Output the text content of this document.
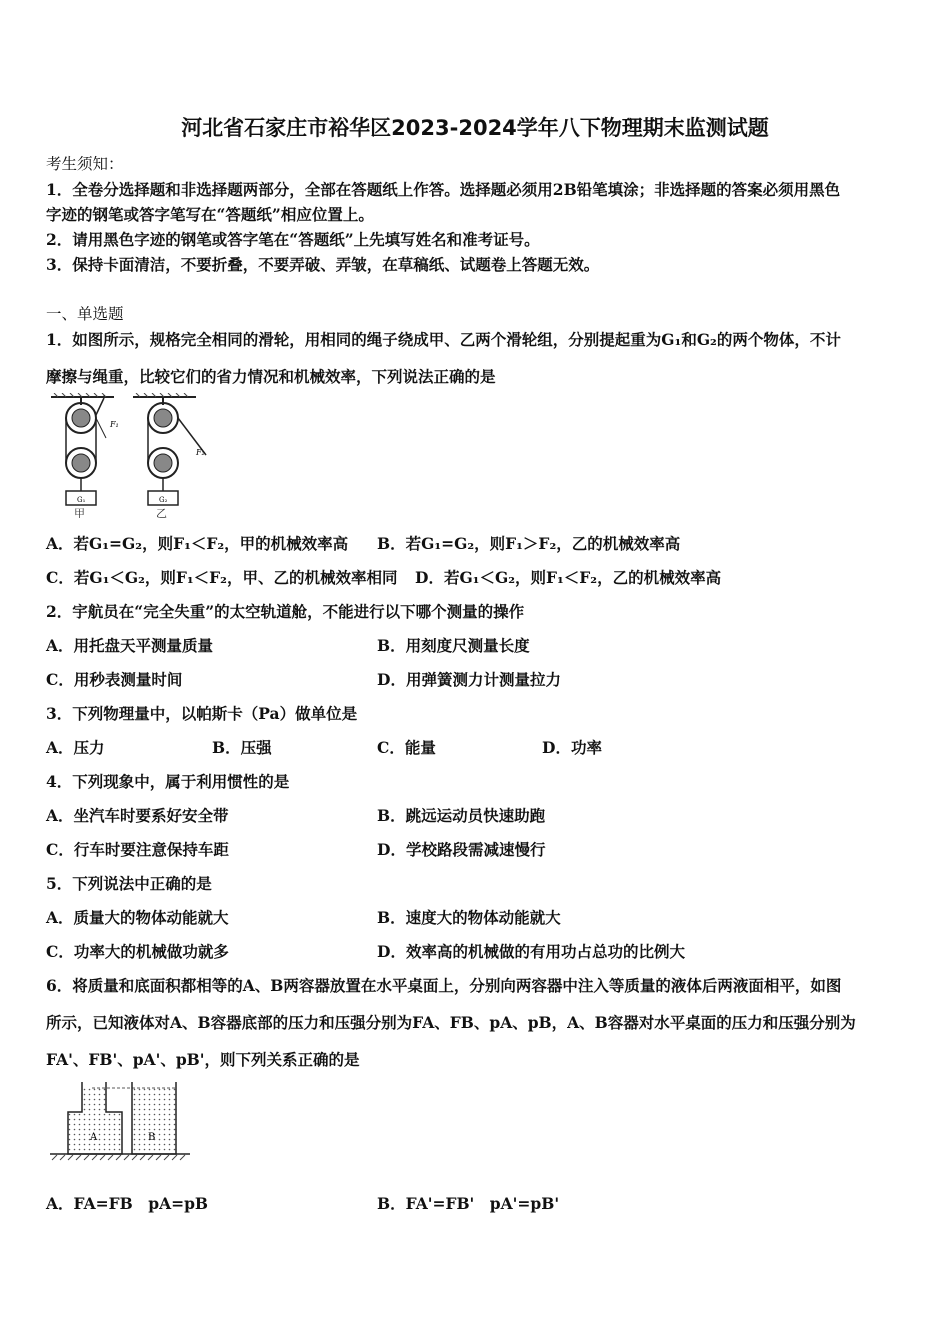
河北省石家庄市裕华区2023-2024学年八下物理期末监测试题
考生须知：
1．全卷分选择题和非选择题两部分，全部在答题纸上作答。选择题必须用2B铅笔填涂；非选择题的答案必须用黑色
字迹的钢笔或答字笔写在“答题纸”相应位置上。
2．请用黑色字迹的钢笔或答字笔在“答题纸”上先填写姓名和准考证号。
3．保持卡面清洁，不要折叠，不要弄破、弄皱，在草稿纸、试题卷上答题无效。
一、单选题
1．如图所示，规格完全相同的滑轮，用相同的绳子绕成甲、乙两个滑轮组，分别提起重为G₁和G₂的两个物体，不计
摩擦与绳重，比较它们的省力情况和机械效率，下列说法正确的是
F₁
G₁
F₂
G₂
甲	乙
A．若G₁=G₂，则F₁＜F₂，甲的机械效率高 B．若G₁=G₂，则F₁＞F₂，乙的机械效率高
C．若G₁＜G₂，则F₁＜F₂，甲、乙的机械效率相同 D．若G₁＜G₂，则F₁＜F₂，乙的机械效率高
2．宇航员在“完全失重”的太空轨道舱，不能进行以下哪个测量的操作
A．用托盘天平测量质量	B．用刻度尺测量长度
C．用秒表测量时间	D．用弹簧测力计测量拉力
3．下列物理量中，以帕斯卡（Pa）做单位是
A．压力	B．压强	C．能量	D．功率
4．下列现象中，属于利用惯性的是
A．坐汽车时要系好安全带	B．跳远运动员快速助跑
C．行车时要注意保持车距	D．学校路段需减速慢行
5．下列说法中正确的是
A．质量大的物体动能就大	B．速度大的物体动能就大
C．功率大的机械做功就多	D．效率高的机械做的有用功占总功的比例大
6．将质量和底面积都相等的A、B两容器放置在水平桌面上，分别向两容器中注入等质量的液体后两液面相平，如图
所示，已知液体对A、B容器底部的压力和压强分别为FA、FB、pA、pB，A、B容器对水平桌面的压力和压强分别为
FA'、FB'、pA'、pB'，则下列关系正确的是
A	B
A．FA=FB　pA=pB	B．FA'=FB'　pA'=pB'
